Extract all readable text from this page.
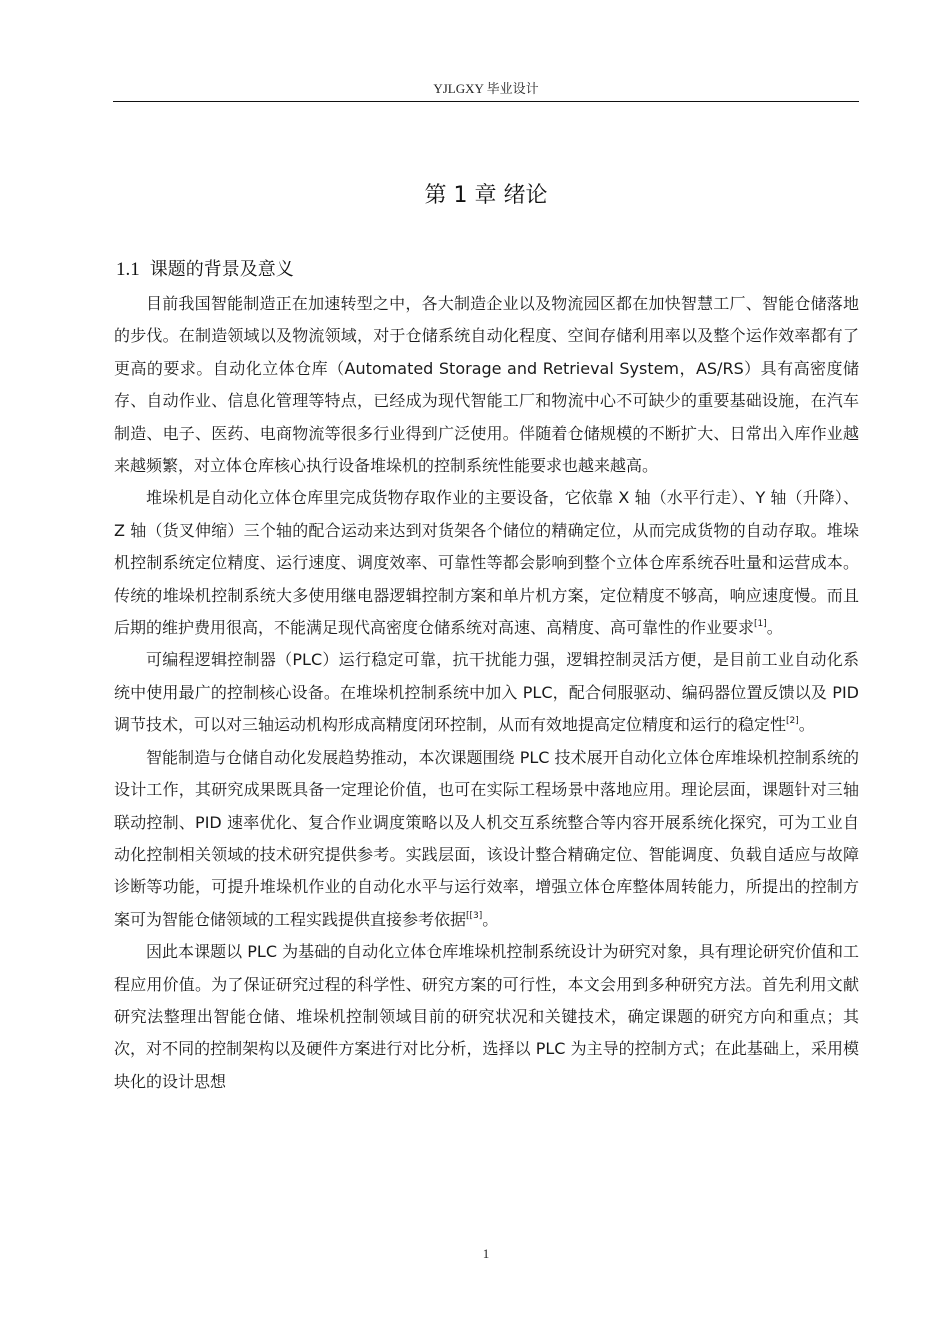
YJLGXY 毕业设计
第 1 章 绪论
1.1 课题的背景及意义

目前我国智能制造正在加速转型之中，各大制造企业以及物流园区都在加快智慧工厂、智能仓储落地的步伐。在制造领域以及物流领域，对于仓储系统自动化程度、空间存储利用率以及整个运作效率都有了更高的要求。自动化立体仓库（Automated Storage and Retrieval System，AS/RS）具有高密度储存、自动作业、信息化管理等特点，已经成为现代智能工厂和物流中心不可缺少的重要基础设施，在汽车制造、电子、医药、电商物流等很多行业得到广泛使用。伴随着仓储规模的不断扩大、日常出入库作业越来越频繁，对立体仓库核心执行设备堆垛机的控制系统性能要求也越来越高。

堆垛机是自动化立体仓库里完成货物存取作业的主要设备，它依靠 X 轴（水平行走）、Y 轴（升降）、Z 轴（货叉伸缩）三个轴的配合运动来达到对货架各个储位的精确定位，从而完成货物的自动存取。堆垛机控制系统定位精度、运行速度、调度效率、可靠性等都会影响到整个立体仓库系统吞吐量和运营成本。传统的堆垛机控制系统大多使用继电器逻辑控制方案和单片机方案，定位精度不够高，响应速度慢。而且后期的维护费用很高，不能满足现代高密度仓储系统对高速、高精度、高可靠性的作业要求[1]。

可编程逻辑控制器（PLC）运行稳定可靠，抗干扰能力强，逻辑控制灵活方便，是目前工业自动化系统中使用最广的控制核心设备。在堆垛机控制系统中加入 PLC，配合伺服驱动、编码器位置反馈以及 PID 调节技术，可以对三轴运动机构形成高精度闭环控制，从而有效地提高定位精度和运行的稳定性[2]。

智能制造与仓储自动化发展趋势推动，本次课题围绕 PLC 技术展开自动化立体仓库堆垛机控制系统的设计工作，其研究成果既具备一定理论价值，也可在实际工程场景中落地应用。理论层面，课题针对三轴联动控制、PID 速率优化、复合作业调度策略以及人机交互系统整合等内容开展系统化探究，可为工业自动化控制相关领域的技术研究提供参考。实践层面，该设计整合精确定位、智能调度、负载自适应与故障诊断等功能，可提升堆垛机作业的自动化水平与运行效率，增强立体仓库整体周转能力，所提出的控制方案可为智能仓储领域的工程实践提供直接参考依据[[3]。

因此本课题以 PLC 为基础的自动化立体仓库堆垛机控制系统设计为研究对象，具有理论研究价值和工程应用价值。为了保证研究过程的科学性、研究方案的可行性，本文会用到多种研究方法。首先利用文献研究法整理出智能仓储、堆垛机控制领域目前的研究状况和关键技术，确定课题的研究方向和重点；其次，对不同的控制架构以及硬件方案进行对比分析，选择以 PLC 为主导的控制方式；在此基础上，采用模块化的设计思想

1
